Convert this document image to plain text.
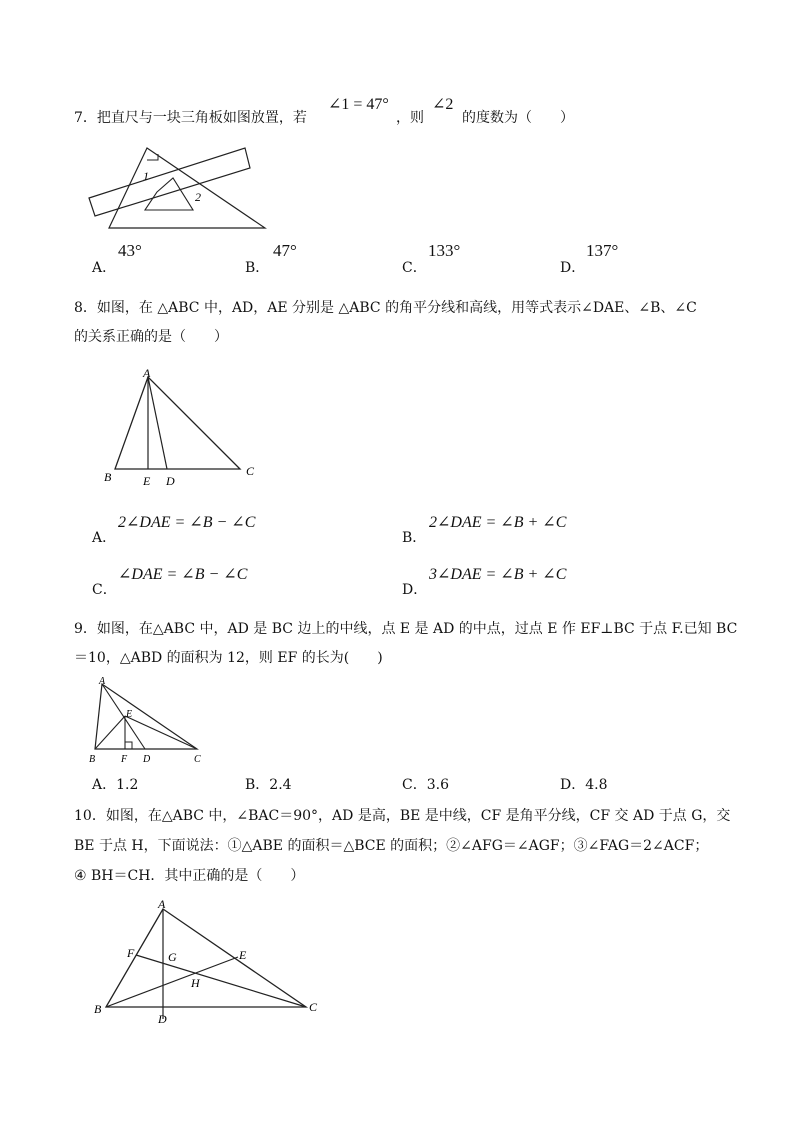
7．把直尺与一块三角板如图放置，若
∠1 = 47°
，则
∠2
的度数为（　　）
1
2
A．
43°
B．
47°
C．
133°
D．
137°
8．如图，在 △ABC 中，AD，AE 分别是 △ABC 的角平分线和高线，用等式表示∠DAE、∠B、∠C
的关系正确的是（　　）
A
B	C
D
E
A．
2∠DAE = ∠B − ∠C
B．
2∠DAE = ∠B + ∠C
C．
∠DAE = ∠B − ∠C
D．
3∠DAE = ∠B + ∠C
9．如图，在△ABC 中，AD 是 BC 边上的中线，点 E 是 AD 的中点，过点 E 作 EF⊥BC 于点 F.已知 BC
＝10，△ABD 的面积为 12，则 EF 的长为(　　)
A
B	C
D
E
F
A．1.2	B．2.4	C．3.6	D．4.8
10．如图，在△ABC 中，∠BAC＝90°，AD 是高，BE 是中线，CF 是角平分线，CF 交 AD 于点 G，交
BE 于点 H，下面说法：①△ABE 的面积＝△BCE 的面积；②∠AFG＝∠AGF；③∠FAG＝2∠ACF；
④ BH＝CH．其中正确的是（　　）
A
B	C
D
E
F	G
H
